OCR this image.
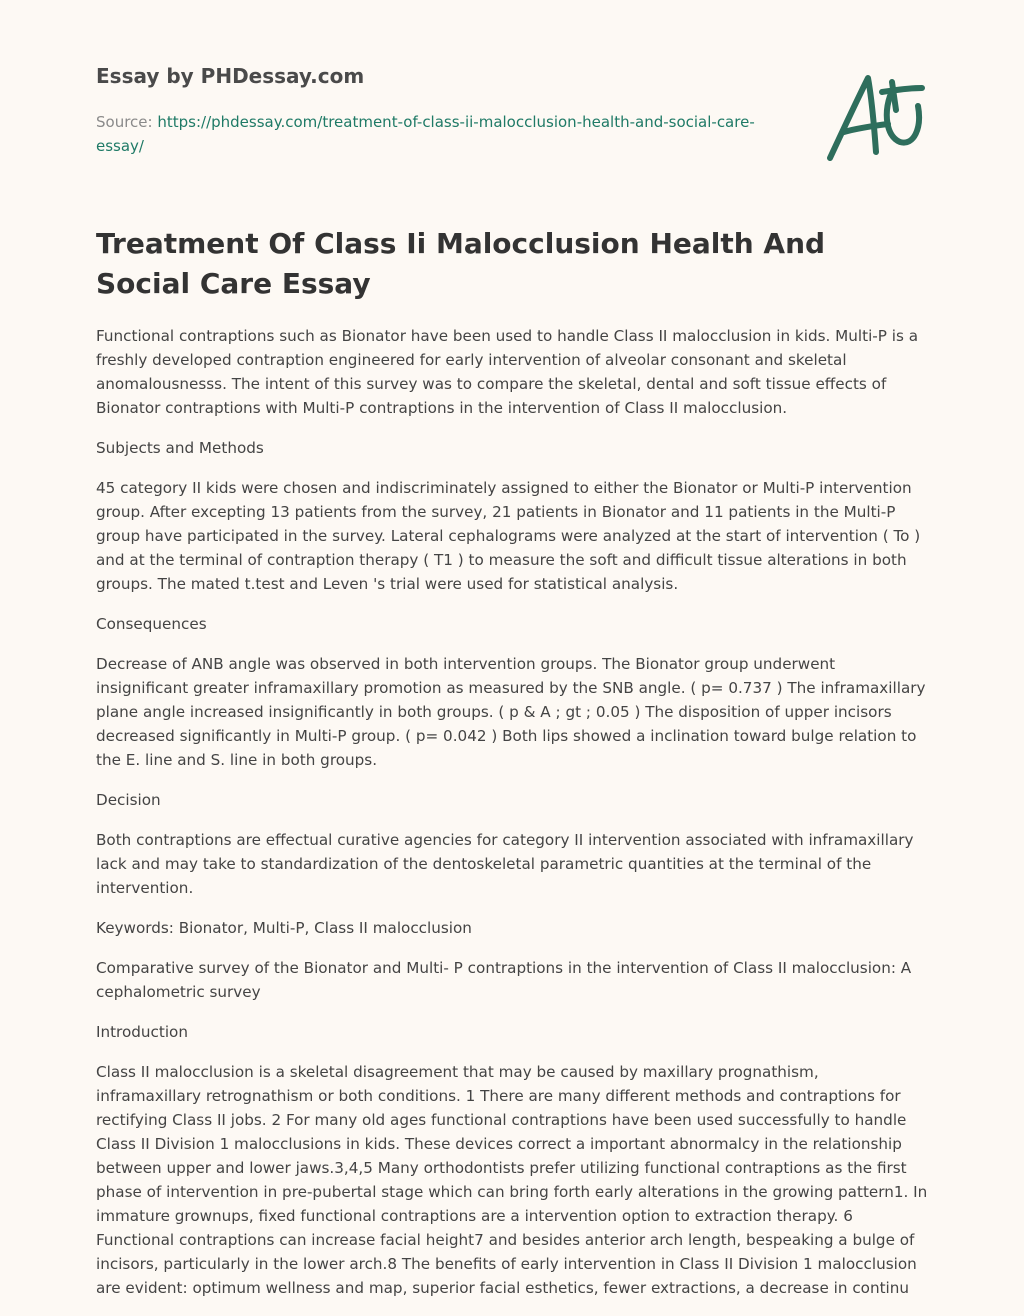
Essay by PHDessay.com

Source: https://phdessay.com/treatment-of-class-ii-malocclusion-health-and-social-care-essay/
Treatment Of Class Ii Malocclusion Health And Social Care Essay

Functional contraptions such as Bionator have been used to handle Class II malocclusion in kids. Multi-P is a freshly developed contraption engineered for early intervention of alveolar consonant and skeletal anomalousnesss. The intent of this survey was to compare the skeletal, dental and soft tissue effects of Bionator contraptions with Multi-P contraptions in the intervention of Class II malocclusion.

Subjects and Methods

45 category II kids were chosen and indiscriminately assigned to either the Bionator or Multi-P intervention group. After excepting 13 patients from the survey, 21 patients in Bionator and 11 patients in the Multi-P group have participated in the survey. Lateral cephalograms were analyzed at the start of intervention ( To ) and at the terminal of contraption therapy ( T1 ) to measure the soft and difficult tissue alterations in both groups. The mated t.test and Leven 's trial were used for statistical analysis.

Consequences

Decrease of ANB angle was observed in both intervention groups. The Bionator group underwent insignificant greater inframaxillary promotion as measured by the SNB angle. ( p= 0.737 ) The inframaxillary plane angle increased insignificantly in both groups. ( p & A ; gt ; 0.05 ) The disposition of upper incisors decreased significantly in Multi-P group. ( p= 0.042 ) Both lips showed a inclination toward bulge relation to the E. line and S. line in both groups.

Decision

Both contraptions are effectual curative agencies for category II intervention associated with inframaxillary lack and may take to standardization of the dentoskeletal parametric quantities at the terminal of the intervention.

Keywords: Bionator, Multi-P, Class II malocclusion

Comparative survey of the Bionator and Multi- P contraptions in the intervention of Class II malocclusion: A cephalometric survey

Introduction

Class II malocclusion is a skeletal disagreement that may be caused by maxillary prognathism, inframaxillary retrognathism or both conditions. 1 There are many different methods and contraptions for rectifying Class II jobs. 2 For many old ages functional contraptions have been used successfully to handle Class II Division 1 malocclusions in kids. These devices correct a important abnormalcy in the relationship between upper and lower jaws.3,4,5 Many orthodontists prefer utilizing functional contraptions as the first phase of intervention in pre-pubertal stage which can bring forth early alterations in the growing pattern1. In immature grownups, fixed functional contraptions are a intervention option to extraction therapy. 6 Functional contraptions can increase facial height7 and besides anterior arch length, bespeaking a bulge of incisors, particularly in the lower arch.8 The benefits of early intervention in Class II Division 1 malocclusion are evident: optimum wellness and map, superior facial esthetics, fewer extractions, a decrease in continu
